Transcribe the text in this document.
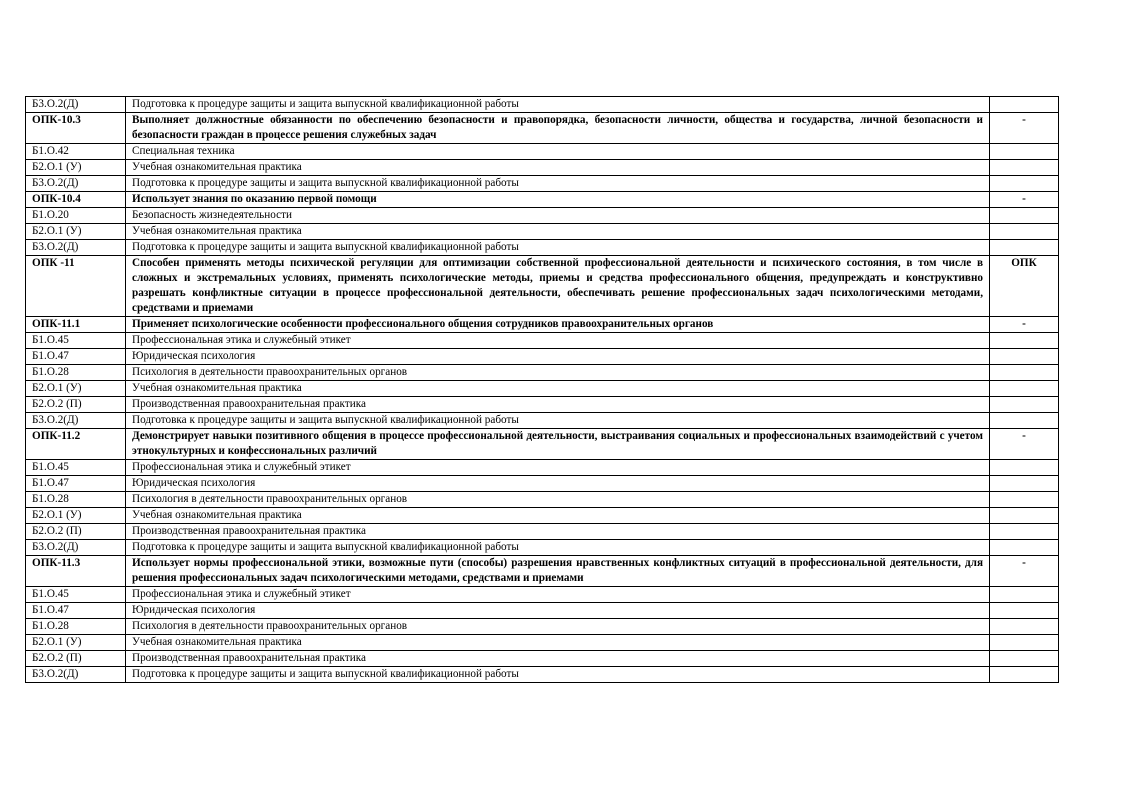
Б3.О.2(Д)	Подготовка к процедуре защиты и защита выпускной квалификационной работы	
ОПК-10.3	Выполняет должностные обязанности по обеспечению безопасности и правопорядка, безопасности личности, общества и государства, личной безопасности и безопасности граждан в процессе решения служебных задач	-
Б1.О.42	Специальная техника	
Б2.О.1 (У)	Учебная ознакомительная практика	
Б3.О.2(Д)	Подготовка к процедуре защиты и защита выпускной квалификационной работы	
ОПК-10.4	Использует знания по оказанию первой помощи	-
Б1.О.20	Безопасность жизнедеятельности	
Б2.О.1 (У)	Учебная ознакомительная практика	
Б3.О.2(Д)	Подготовка к процедуре защиты и защита выпускной квалификационной работы	
ОПК -11	Способен применять методы психической регуляции для оптимизации собственной профессиональной деятельности и психического состояния, в том числе в сложных и экстремальных условиях, применять психологические методы, приемы и средства профессионального общения, предупреждать и конструктивно разрешать конфликтные ситуации в процессе профессиональной деятельности, обеспечивать решение профессиональных задач психологическими методами, средствами и приемами	ОПК
ОПК-11.1	Применяет психологические особенности профессионального общения сотрудников правоохранительных органов	-
Б1.О.45	Профессиональная этика и служебный этикет	
Б1.О.47	Юридическая психология	
Б1.О.28	Психология в деятельности правоохранительных органов	
Б2.О.1 (У)	Учебная ознакомительная практика	
Б2.О.2 (П)	Производственная правоохранительная практика	
Б3.О.2(Д)	Подготовка к процедуре защиты и защита выпускной квалификационной работы	
ОПК-11.2	Демонстрирует навыки позитивного общения в процессе профессиональной деятельности, выстраивания социальных и профессиональных взаимодействий с учетом этнокультурных и конфессиональных различий	-
Б1.О.45	Профессиональная этика и служебный этикет	
Б1.О.47	Юридическая психология	
Б1.О.28	Психология в деятельности правоохранительных органов	
Б2.О.1 (У)	Учебная ознакомительная практика	
Б2.О.2 (П)	Производственная правоохранительная практика	
Б3.О.2(Д)	Подготовка к процедуре защиты и защита выпускной квалификационной работы	
ОПК-11.3	Использует нормы профессиональной этики, возможные пути (способы) разрешения нравственных конфликтных ситуаций в профессиональной деятельности, для решения профессиональных задач психологическими методами, средствами и приемами	-
Б1.О.45	Профессиональная этика и служебный этикет	
Б1.О.47	Юридическая психология	
Б1.О.28	Психология в деятельности правоохранительных органов	
Б2.О.1 (У)	Учебная ознакомительная практика	
Б2.О.2 (П)	Производственная правоохранительная практика	
Б3.О.2(Д)	Подготовка к процедуре защиты и защита выпускной квалификационной работы	
